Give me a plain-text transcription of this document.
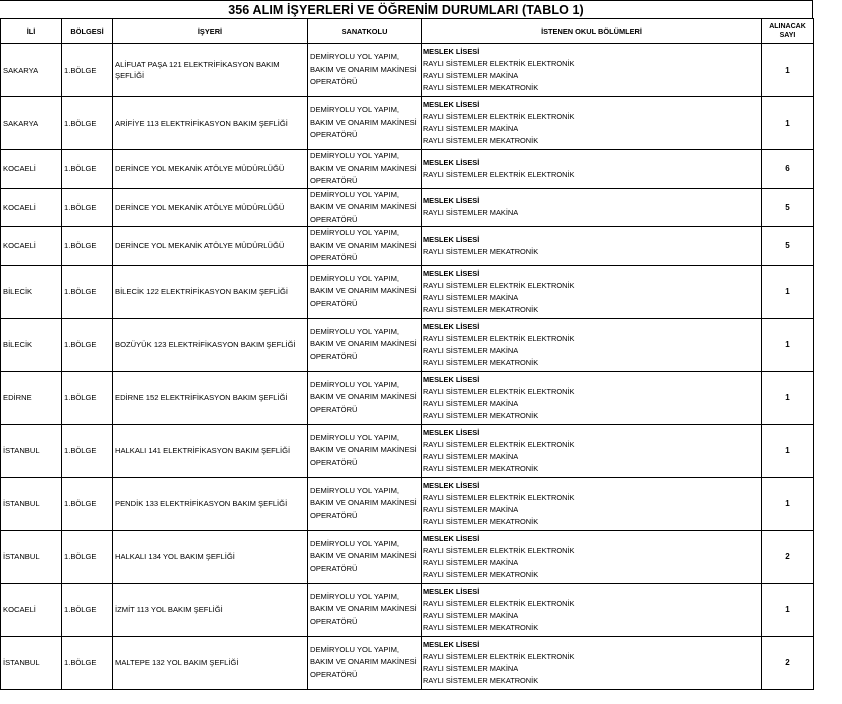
356 ALIM İŞYERLERİ VE ÖĞRENİM DURUMLARI (TABLO 1)
İLİ	BÖLGESİ	İŞYERİ	SANATKOLU	İSTENEN OKUL BÖLÜMLERİ	ALINACAK SAYI
SAKARYA	1.BÖLGE	ALİFUAT PAŞA 121 ELEKTRİFİKASYON BAKIM ŞEFLİĞİ	DEMİRYOLU YOL YAPIM, BAKIM VE ONARIM MAKİNESİ OPERATÖRÜ	MESLEK LİSESİ
RAYLI SİSTEMLER ELEKTRİK ELEKTRONİK
RAYLI SİSTEMLER MAKİNA
RAYLI SİSTEMLER MEKATRONİK	1
SAKARYA	1.BÖLGE	ARİFİYE 113 ELEKTRİFİKASYON BAKIM ŞEFLİĞİ	DEMİRYOLU YOL YAPIM, BAKIM VE ONARIM MAKİNESİ OPERATÖRÜ	MESLEK LİSESİ
RAYLI SİSTEMLER ELEKTRİK ELEKTRONİK
RAYLI SİSTEMLER MAKİNA
RAYLI SİSTEMLER MEKATRONİK	1
KOCAELİ	1.BÖLGE	DERİNCE YOL MEKANİK ATÖLYE MÜDÜRLÜĞÜ	DEMİRYOLU YOL YAPIM, BAKIM VE ONARIM MAKİNESİ OPERATÖRÜ	MESLEK LİSESİ
RAYLI SİSTEMLER ELEKTRİK ELEKTRONİK	6
KOCAELİ	1.BÖLGE	DERİNCE YOL MEKANİK ATÖLYE MÜDÜRLÜĞÜ	DEMİRYOLU YOL YAPIM, BAKIM VE ONARIM MAKİNESİ OPERATÖRÜ	MESLEK LİSESİ
RAYLI SİSTEMLER MAKİNA	5
KOCAELİ	1.BÖLGE	DERİNCE YOL MEKANİK ATÖLYE MÜDÜRLÜĞÜ	DEMİRYOLU YOL YAPIM, BAKIM VE ONARIM MAKİNESİ OPERATÖRÜ	MESLEK LİSESİ
RAYLI SİSTEMLER MEKATRONİK	5
BİLECİK	1.BÖLGE	BİLECİK 122 ELEKTRİFİKASYON BAKIM ŞEFLİĞİ	DEMİRYOLU YOL YAPIM, BAKIM VE ONARIM MAKİNESİ OPERATÖRÜ	MESLEK LİSESİ
RAYLI SİSTEMLER ELEKTRİK ELEKTRONİK
RAYLI SİSTEMLER MAKİNA
RAYLI SİSTEMLER MEKATRONİK	1
BİLECİK	1.BÖLGE	BOZÜYÜK 123 ELEKTRİFİKASYON BAKIM ŞEFLİĞİ	DEMİRYOLU YOL YAPIM, BAKIM VE ONARIM MAKİNESİ OPERATÖRÜ	MESLEK LİSESİ
RAYLI SİSTEMLER ELEKTRİK ELEKTRONİK
RAYLI SİSTEMLER MAKİNA
RAYLI SİSTEMLER MEKATRONİK	1
EDİRNE	1.BÖLGE	EDİRNE 152 ELEKTRİFİKASYON BAKIM ŞEFLİĞİ	DEMİRYOLU YOL YAPIM, BAKIM VE ONARIM MAKİNESİ OPERATÖRÜ	MESLEK LİSESİ
RAYLI SİSTEMLER ELEKTRİK ELEKTRONİK
RAYLI SİSTEMLER MAKİNA
RAYLI SİSTEMLER MEKATRONİK	1
İSTANBUL	1.BÖLGE	HALKALI 141 ELEKTRİFİKASYON BAKIM ŞEFLİĞİ	DEMİRYOLU YOL YAPIM, BAKIM VE ONARIM MAKİNESİ OPERATÖRÜ	MESLEK LİSESİ
RAYLI SİSTEMLER ELEKTRİK ELEKTRONİK
RAYLI SİSTEMLER MAKİNA
RAYLI SİSTEMLER MEKATRONİK	1
İSTANBUL	1.BÖLGE	PENDİK 133 ELEKTRİFİKASYON BAKIM ŞEFLİĞİ	DEMİRYOLU YOL YAPIM, BAKIM VE ONARIM MAKİNESİ OPERATÖRÜ	MESLEK LİSESİ
RAYLI SİSTEMLER ELEKTRİK ELEKTRONİK
RAYLI SİSTEMLER MAKİNA
RAYLI SİSTEMLER MEKATRONİK	1
İSTANBUL	1.BÖLGE	HALKALI 134 YOL BAKIM ŞEFLİĞİ	DEMİRYOLU YOL YAPIM, BAKIM VE ONARIM MAKİNESİ OPERATÖRÜ	MESLEK LİSESİ
RAYLI SİSTEMLER ELEKTRİK ELEKTRONİK
RAYLI SİSTEMLER MAKİNA
RAYLI SİSTEMLER MEKATRONİK	2
KOCAELİ	1.BÖLGE	İZMİT 113 YOL BAKIM ŞEFLİĞİ	DEMİRYOLU YOL YAPIM, BAKIM VE ONARIM MAKİNESİ OPERATÖRÜ	MESLEK LİSESİ
RAYLI SİSTEMLER ELEKTRİK ELEKTRONİK
RAYLI SİSTEMLER MAKİNA
RAYLI SİSTEMLER MEKATRONİK	1
İSTANBUL	1.BÖLGE	MALTEPE 132 YOL BAKIM ŞEFLİĞİ	DEMİRYOLU YOL YAPIM, BAKIM VE ONARIM MAKİNESİ OPERATÖRÜ	MESLEK LİSESİ
RAYLI SİSTEMLER ELEKTRİK ELEKTRONİK
RAYLI SİSTEMLER MAKİNA
RAYLI SİSTEMLER MEKATRONİK	2
